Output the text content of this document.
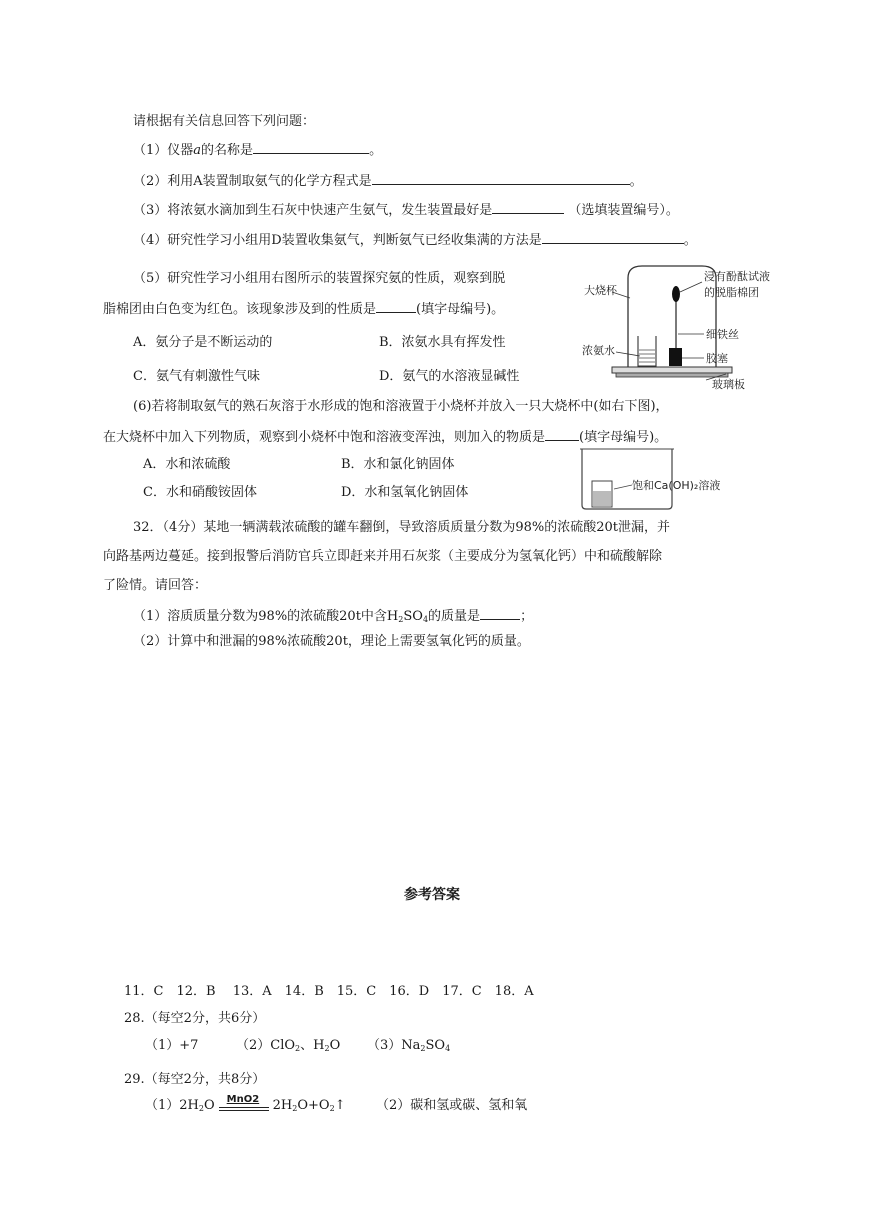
请根据有关信息回答下列问题：
（1）仪器a的名称是	。
（2）利用A装置制取氨气的化学方程式是	。
（3）将浓氨水滴加到生石灰中快速产生氨气，发生装置最好是	（选填装置编号）。
（4）研究性学习小组用D装置收集氨气，判断氨气已经收集满的方法是	。
（5）研究性学习小组用右图所示的装置探究氨的性质，观察到脱
脂棉团由白色变为红色。该现象涉及到的性质是	(填字母编号)。
A．氨分子是不断运动的	B．浓氨水具有挥发性
C．氨气有刺激性气味	D．氨气的水溶液显碱性
大烧杯
浸有酚酞试液
的脱脂棉团
细铁丝
浓氨水
胶塞
玻璃板
(6)若将制取氨气的熟石灰溶于水形成的饱和溶液置于小烧杯并放入一只大烧杯中(如右下图)，
在大烧杯中加入下列物质，观察到小烧杯中饱和溶液变浑浊，则加入的物质是	(填字母编号)。
A．水和浓硫酸	B．水和氯化钠固体
C．水和硝酸铵固体	D．水和氢氧化钠固体	饱和Ca(OH)₂溶液
32．（4分）某地一辆满载浓硫酸的罐车翻倒，导致溶质质量分数为98%的浓硫酸20t泄漏，并
向路基两边蔓延。接到报警后消防官兵立即赶来并用石灰浆（主要成分为氢氧化钙）中和硫酸解除
了险情。请回答：
（1）溶质质量分数为98%的浓硫酸20t中含$H_2SO_4$的质量是	；
（2）计算中和泄漏的98%浓硫酸20t，理论上需要氢氧化钙的质量。
参考答案
11．C　12．B　 13．A　14．B　15．C　16．D　17．C　18．A
28.（每空2分，共6分）
（1）+7	（2）ClO$_2$、$H_2O$ $(3)Na_2SO_4$
29.（每空2分，共8分）
$(1)2H_2O$ MnO2 $2H_2O+O_2↑$ （2）碳和氢或碳、氢和氧
